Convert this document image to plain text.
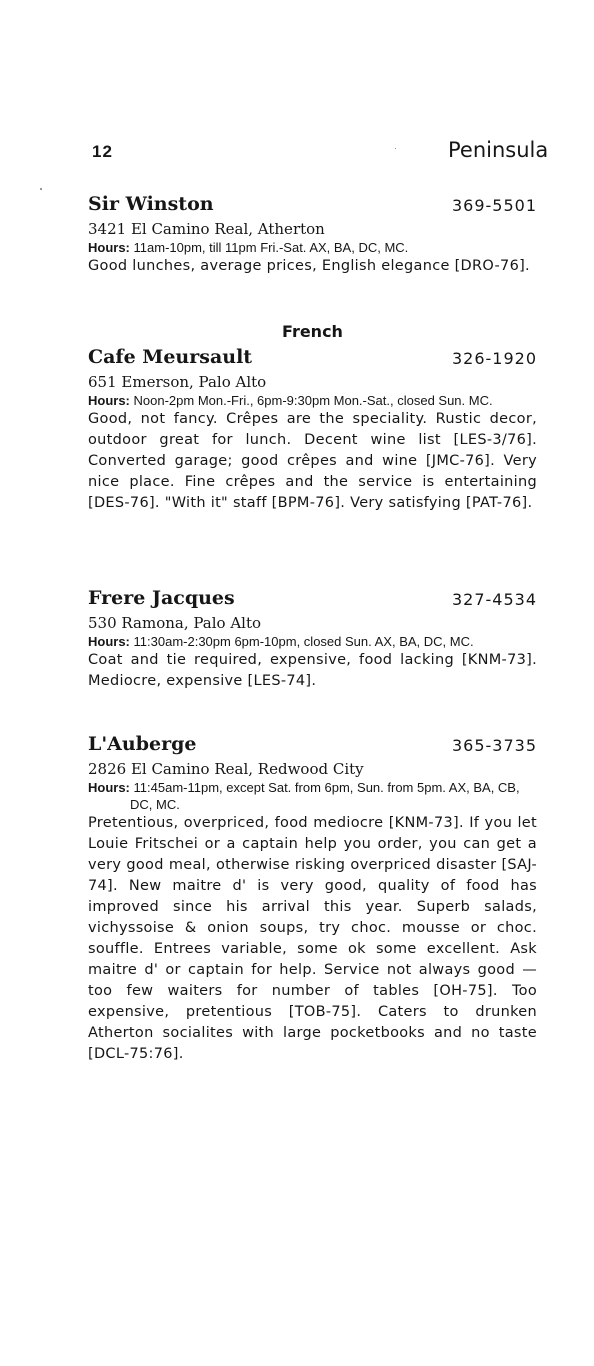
12	Peninsula
Sir Winston	369-5501
3421 El Camino Real, Atherton
Hours: 11am-10pm, till 11pm Fri.-Sat. AX, BA, DC, MC.
Good lunches, average prices, English elegance [DRO-76].
French
Cafe Meursault	326-1920
651 Emerson, Palo Alto
Hours: Noon-2pm Mon.-Fri., 6pm-9:30pm Mon.-Sat., closed Sun. MC.
Good, not fancy. Crêpes are the speciality. Rustic decor, outdoor great for lunch. Decent wine list [LES-3/76]. Converted garage; good crêpes and wine [JMC-76]. Very nice place. Fine crêpes and the service is entertaining [DES-76]. "With it" staff [BPM-76]. Very satisfying [PAT-76].
Frere Jacques	327-4534
530 Ramona, Palo Alto
Hours: 11:30am-2:30pm 6pm-10pm, closed Sun. AX, BA, DC, MC.
Coat and tie required, expensive, food lacking [KNM-73]. Mediocre, expensive [LES-74].
L'Auberge	365-3735
2826 El Camino Real, Redwood City
Hours: 11:45am-11pm, except Sat. from 6pm, Sun. from 5pm. AX, BA, CB, DC, MC.
Pretentious, overpriced, food mediocre [KNM-73]. If you let Louie Fritschei or a captain help you order, you can get a very good meal, otherwise risking overpriced disaster [SAJ-74]. New maitre d' is very good, quality of food has improved since his arrival this year. Superb salads, vichyssoise & onion soups, try choc. mousse or choc. souffle. Entrees variable, some ok some excellent. Ask maitre d' or captain for help. Service not always good — too few waiters for number of tables [OH-75]. Too expensive, pretentious [TOB-75]. Caters to drunken Atherton socialites with large pocketbooks and no taste [DCL-75:76].
